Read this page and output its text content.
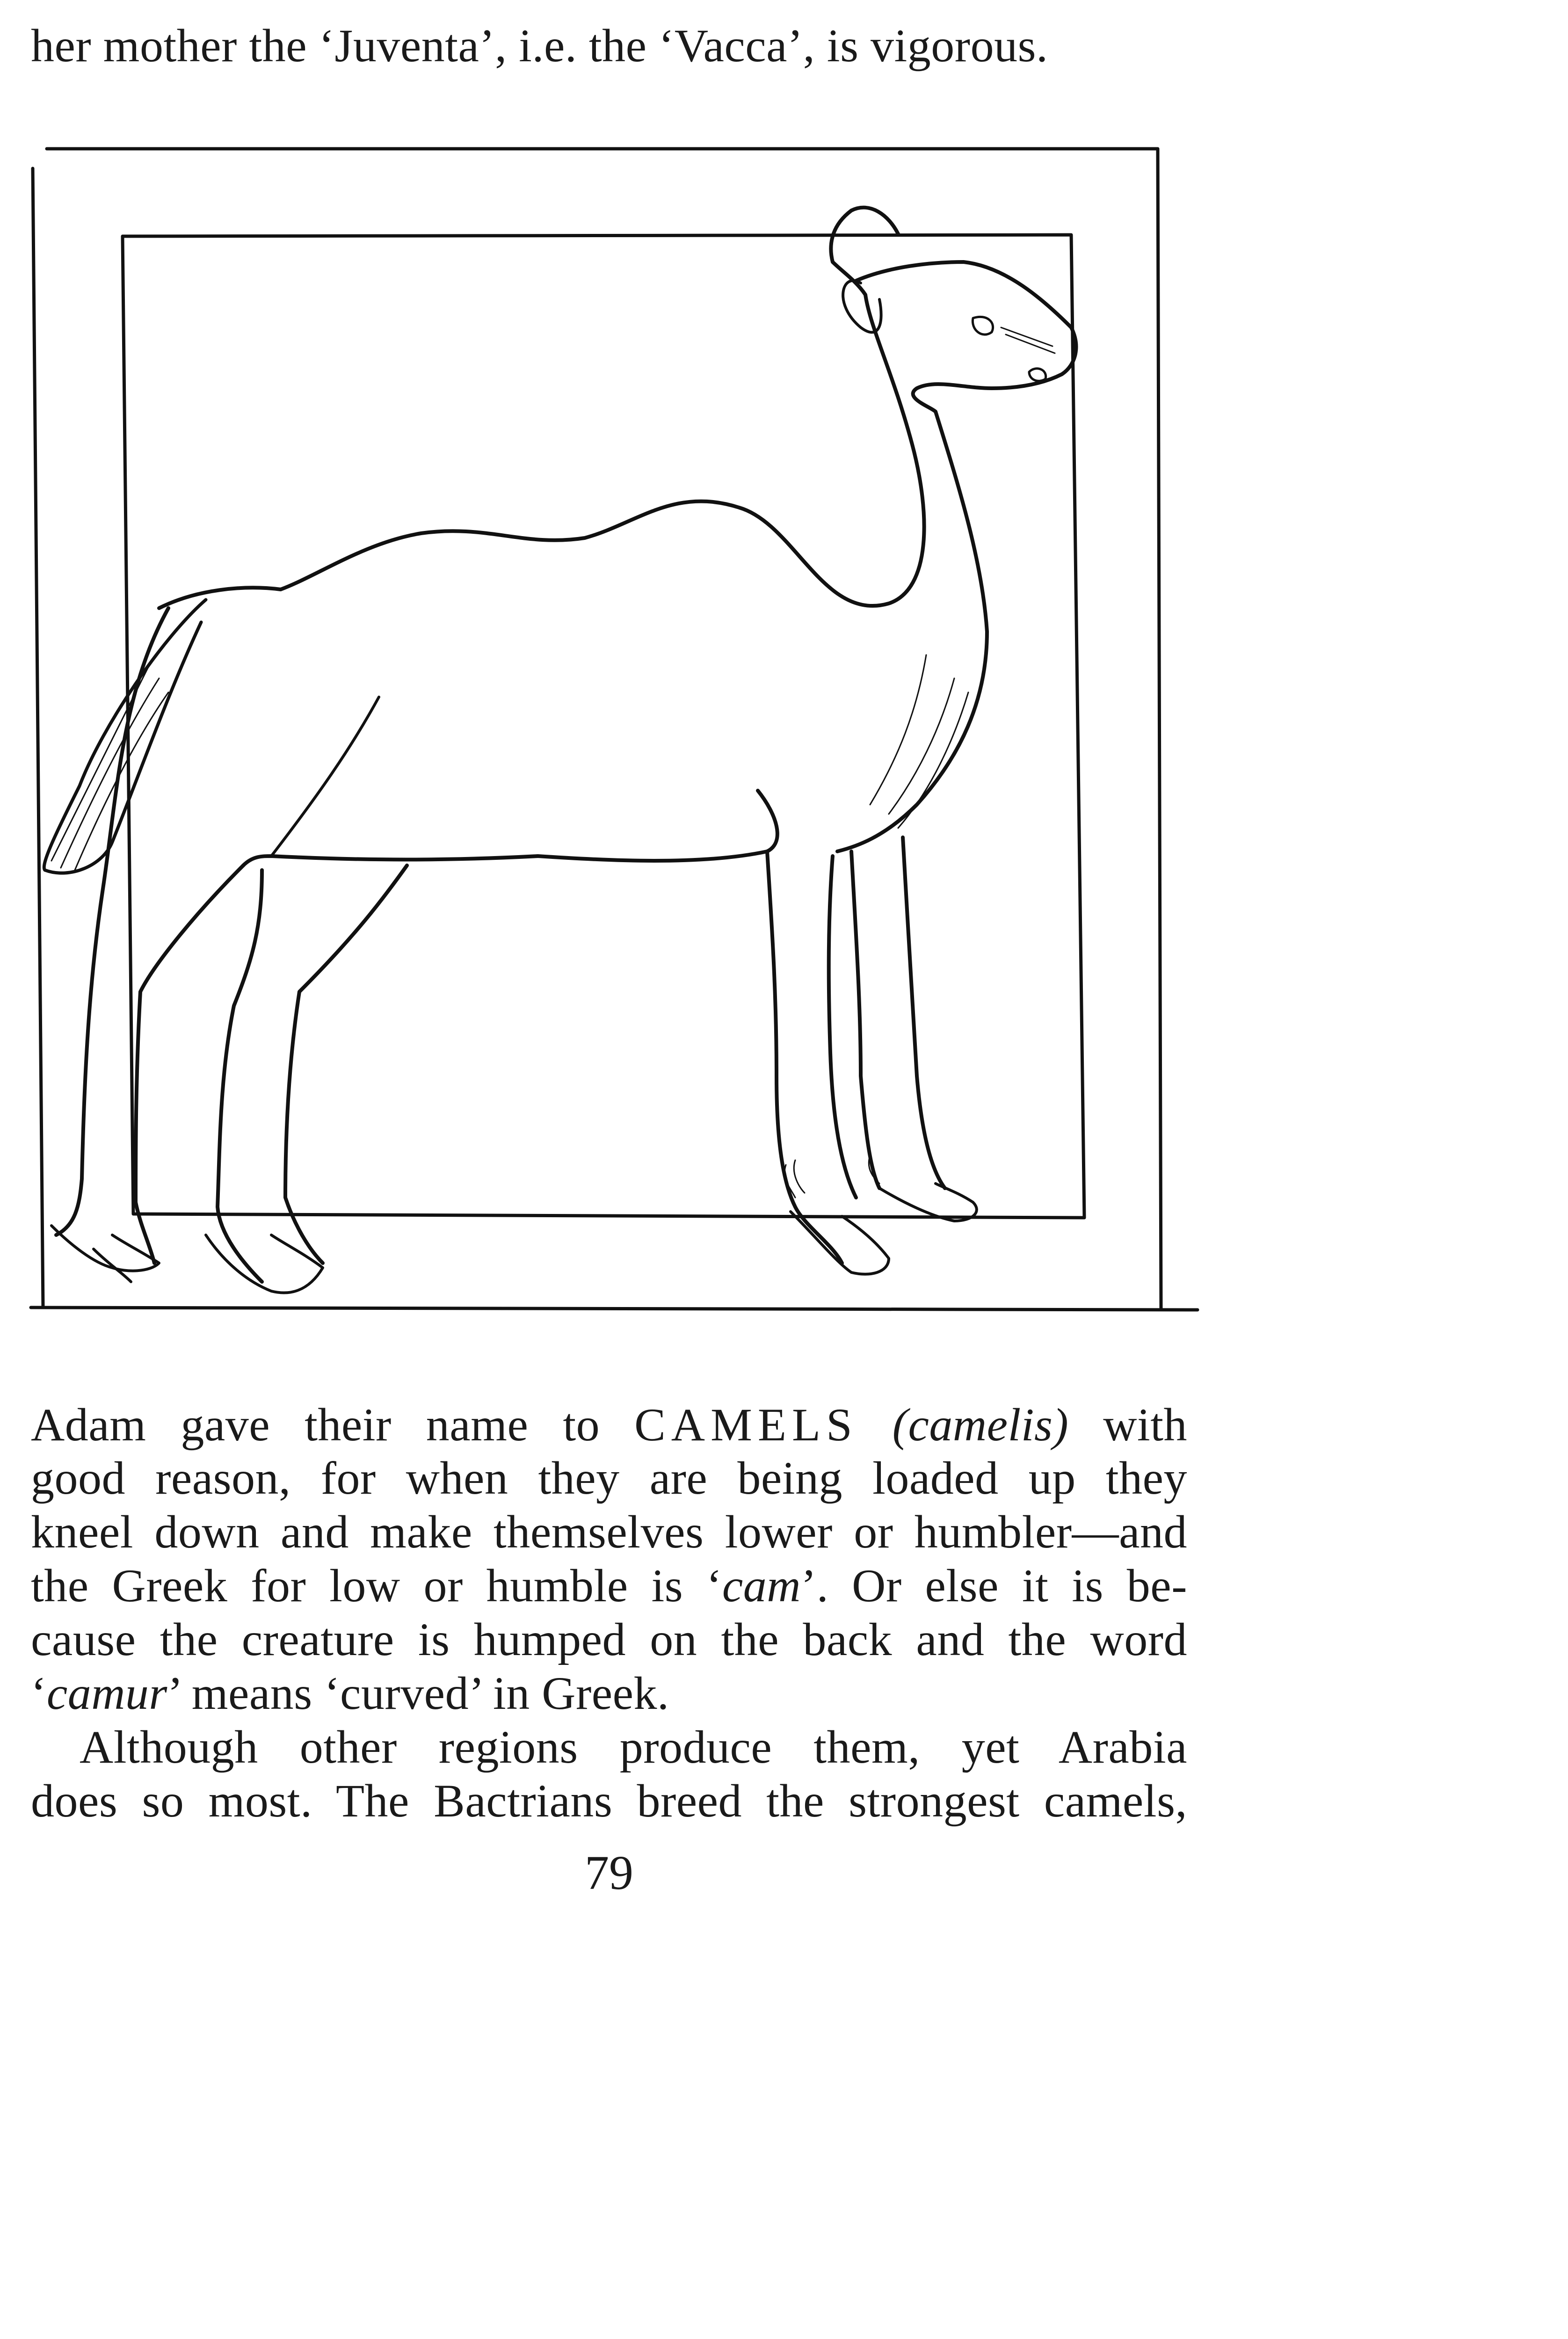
her mother the ‘Juventa’, i.e. the ‘Vacca’, is vigorous.
Adam gave their name to CAMELS (camelis) with
good reason, for when they are being loaded up they
kneel down and make themselves lower or humbler—and
the Greek for low or humble is ‘cam’. Or else it is be-
cause the creature is humped on the back and the word
‘camur’ means ‘curved’ in Greek.
Although other regions produce them, yet Arabia
does so most. The Bactrians breed the strongest camels,
79
